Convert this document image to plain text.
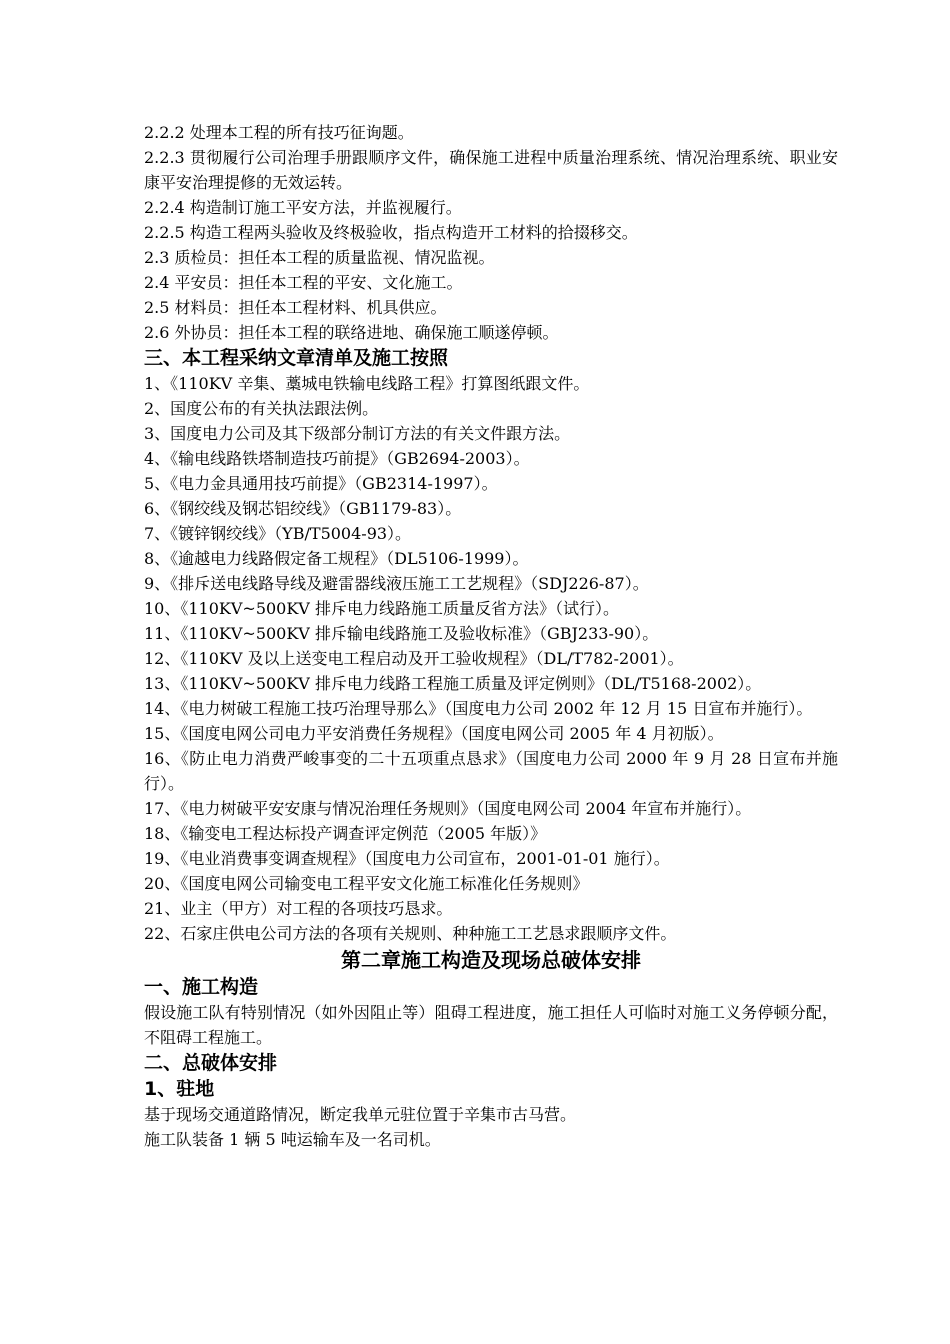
2.2.2 处理本工程的所有技巧征询题。
2.2.3 贯彻履行公司治理手册跟顺序文件，确保施工进程中质量治理系统、情况治理系统、职业安康平安治理提修的无效运转。
2.2.4 构造制订施工平安方法，并监视履行。
2.2.5 构造工程两头验收及终极验收，指点构造开工材料的拾掇移交。
2.3 质检员：担任本工程的质量监视、情况监视。
2.4 平安员：担任本工程的平安、文化施工。
2.5 材料员：担任本工程材料、机具供应。
2.6 外协员：担任本工程的联络进地、确保施工顺遂停顿。
三、本工程采纳文章清单及施工按照
1、《110KV 辛集、藁城电铁输电线路工程》打算图纸跟文件。
2、国度公布的有关执法跟法例。
3、国度电力公司及其下级部分制订方法的有关文件跟方法。
4、《输电线路铁塔制造技巧前提》（GB2694-2003）。
5、《电力金具通用技巧前提》（GB2314-1997）。
6、《钢绞线及钢芯铝绞线》（GB1179-83）。
7、《镀锌钢绞线》（YB/T5004-93）。
8、《逾越电力线路假定备工规程》（DL5106-1999）。
9、《排斥送电线路导线及避雷器线液压施工工艺规程》（SDJ226-87）。
10、《110KV~500KV 排斥电力线路施工质量反省方法》（试行）。
11、《110KV~500KV 排斥输电线路施工及验收标准》（GBJ233-90）。
12、《110KV 及以上送变电工程启动及开工验收规程》（DL/T782-2001）。
13、《110KV~500KV 排斥电力线路工程施工质量及评定例则》（DL/T5168-2002）。
14、《电力树破工程施工技巧治理导那么》（国度电力公司 2002 年 12 月 15 日宣布并施行）。
15、《国度电网公司电力平安消费任务规程》（国度电网公司 2005 年 4 月初版）。
16、《防止电力消费严峻事变的二十五项重点恳求》（国度电力公司 2000 年 9 月 28 日宣布并施行）。
17、《电力树破平安安康与情况治理任务规则》（国度电网公司 2004 年宣布并施行）。
18、《输变电工程达标投产调查评定例范（2005 年版）》
19、《电业消费事变调查规程》（国度电力公司宣布，2001-01-01 施行）。
20、《国度电网公司输变电工程平安文化施工标准化任务规则》
21、业主（甲方）对工程的各项技巧恳求。
22、石家庄供电公司方法的各项有关规则、种种施工工艺恳求跟顺序文件。
第二章施工构造及现场总破体安排
一、施工构造
假设施工队有特别情况（如外因阻止等）阻碍工程进度，施工担任人可临时对施工义务停顿分配，不阻碍工程施工。
二、总破体安排
1、驻地
基于现场交通道路情况，断定我单元驻位置于辛集市古马营。
施工队装备 1 辆 5 吨运输车及一名司机。
